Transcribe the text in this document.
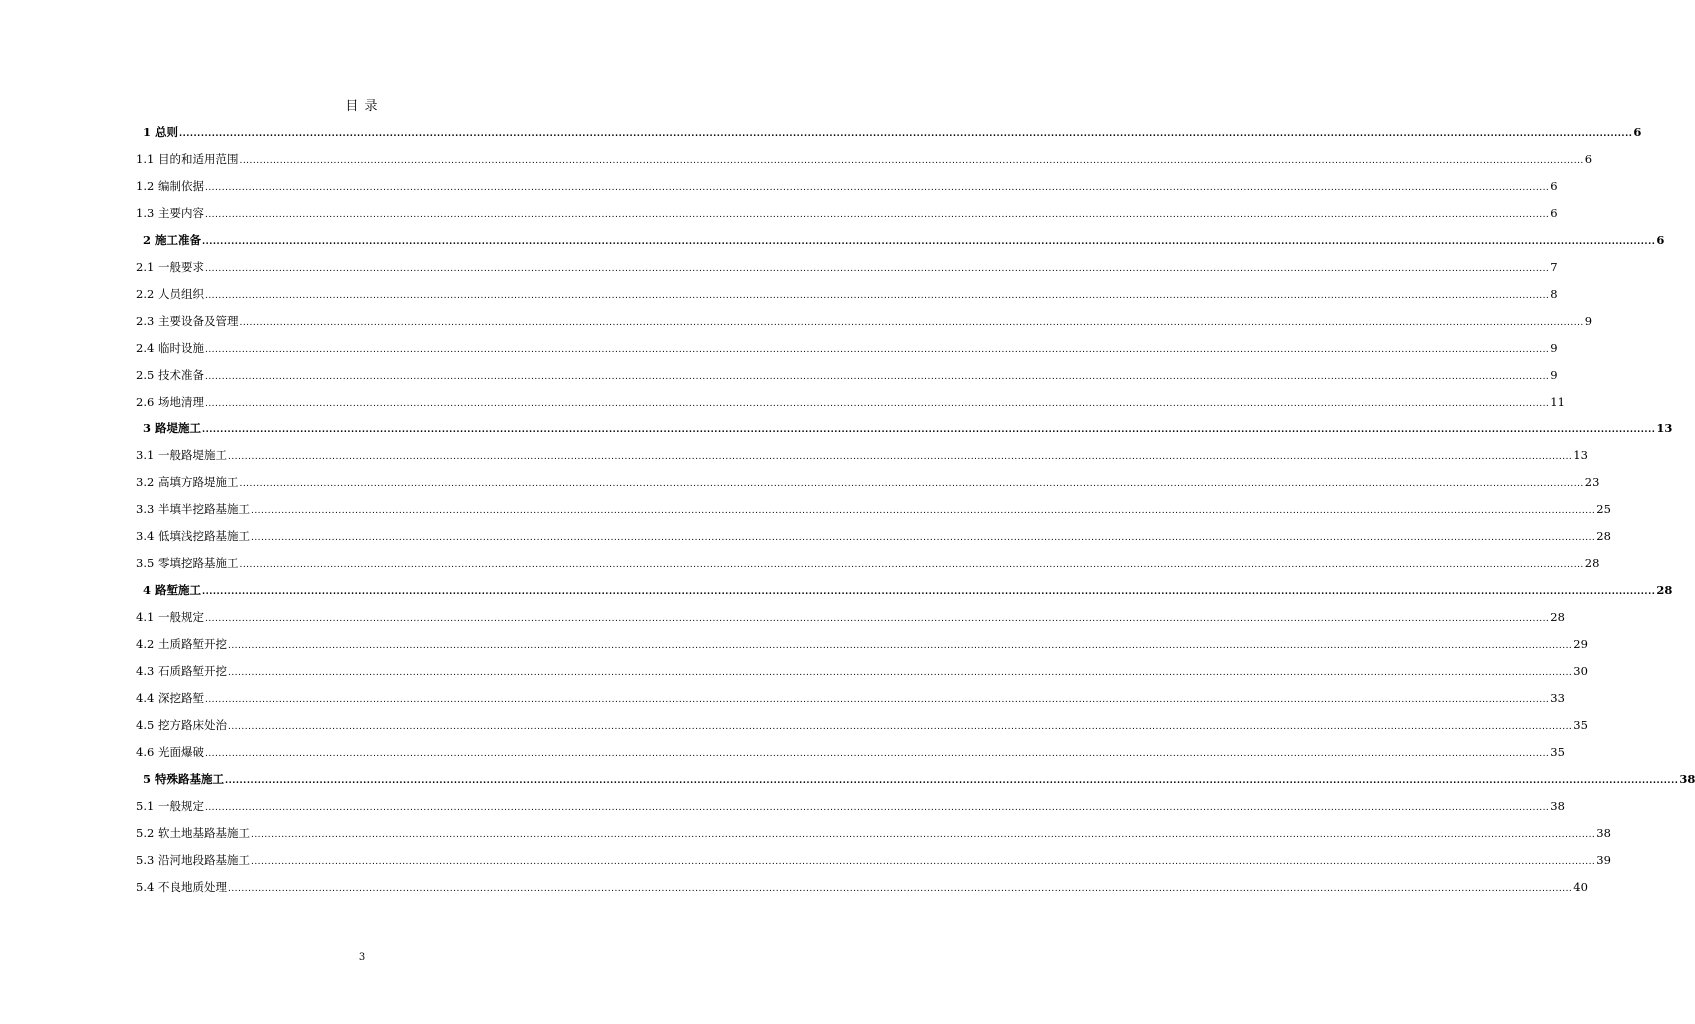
目 录
1 总则 ................................................................................................................................................................................................................................................................................................................................................................................................................ 6
1.1 目的和适用范围 ................................................................................................................................................................................................................................................................................................................................................................................................................ 6
1.2 编制依据 ................................................................................................................................................................................................................................................................................................................................................................................................................ 6
1.3 主要内容 ................................................................................................................................................................................................................................................................................................................................................................................................................ 6
2 施工准备 ................................................................................................................................................................................................................................................................................................................................................................................................................ 6
2.1 一般要求 ................................................................................................................................................................................................................................................................................................................................................................................................................ 7
2.2 人员组织 ................................................................................................................................................................................................................................................................................................................................................................................................................ 8
2.3 主要设备及管理 ................................................................................................................................................................................................................................................................................................................................................................................................................ 9
2.4 临时设施 ................................................................................................................................................................................................................................................................................................................................................................................................................ 9
2.5 技术准备 ................................................................................................................................................................................................................................................................................................................................................................................................................ 9
2.6 场地清理 ................................................................................................................................................................................................................................................................................................................................................................................................................ 11
3 路堤施工 ................................................................................................................................................................................................................................................................................................................................................................................................................ 13
3.1 一般路堤施工 ................................................................................................................................................................................................................................................................................................................................................................................................................ 13
3.2 高填方路堤施工 ................................................................................................................................................................................................................................................................................................................................................................................................................ 23
3.3 半填半挖路基施工 ................................................................................................................................................................................................................................................................................................................................................................................................................ 25
3.4 低填浅挖路基施工 ................................................................................................................................................................................................................................................................................................................................................................................................................ 28
3.5 零填挖路基施工 ................................................................................................................................................................................................................................................................................................................................................................................................................ 28
4 路堑施工 ................................................................................................................................................................................................................................................................................................................................................................................................................ 28
4.1 一般规定 ................................................................................................................................................................................................................................................................................................................................................................................................................ 28
4.2 土质路堑开挖 ................................................................................................................................................................................................................................................................................................................................................................................................................ 29
4.3 石质路堑开挖 ................................................................................................................................................................................................................................................................................................................................................................................................................ 30
4.4 深挖路堑 ................................................................................................................................................................................................................................................................................................................................................................................................................ 33
4.5 挖方路床处治 ................................................................................................................................................................................................................................................................................................................................................................................................................ 35
4.6 光面爆破 ................................................................................................................................................................................................................................................................................................................................................................................................................ 35
5 特殊路基施工 ................................................................................................................................................................................................................................................................................................................................................................................................................ 38
5.1 一般规定 ................................................................................................................................................................................................................................................................................................................................................................................................................ 38
5.2 软土地基路基施工 ................................................................................................................................................................................................................................................................................................................................................................................................................ 38
5.3 沿河地段路基施工 ................................................................................................................................................................................................................................................................................................................................................................................................................ 39
5.4 不良地质处理 ................................................................................................................................................................................................................................................................................................................................................................................................................ 40
3
